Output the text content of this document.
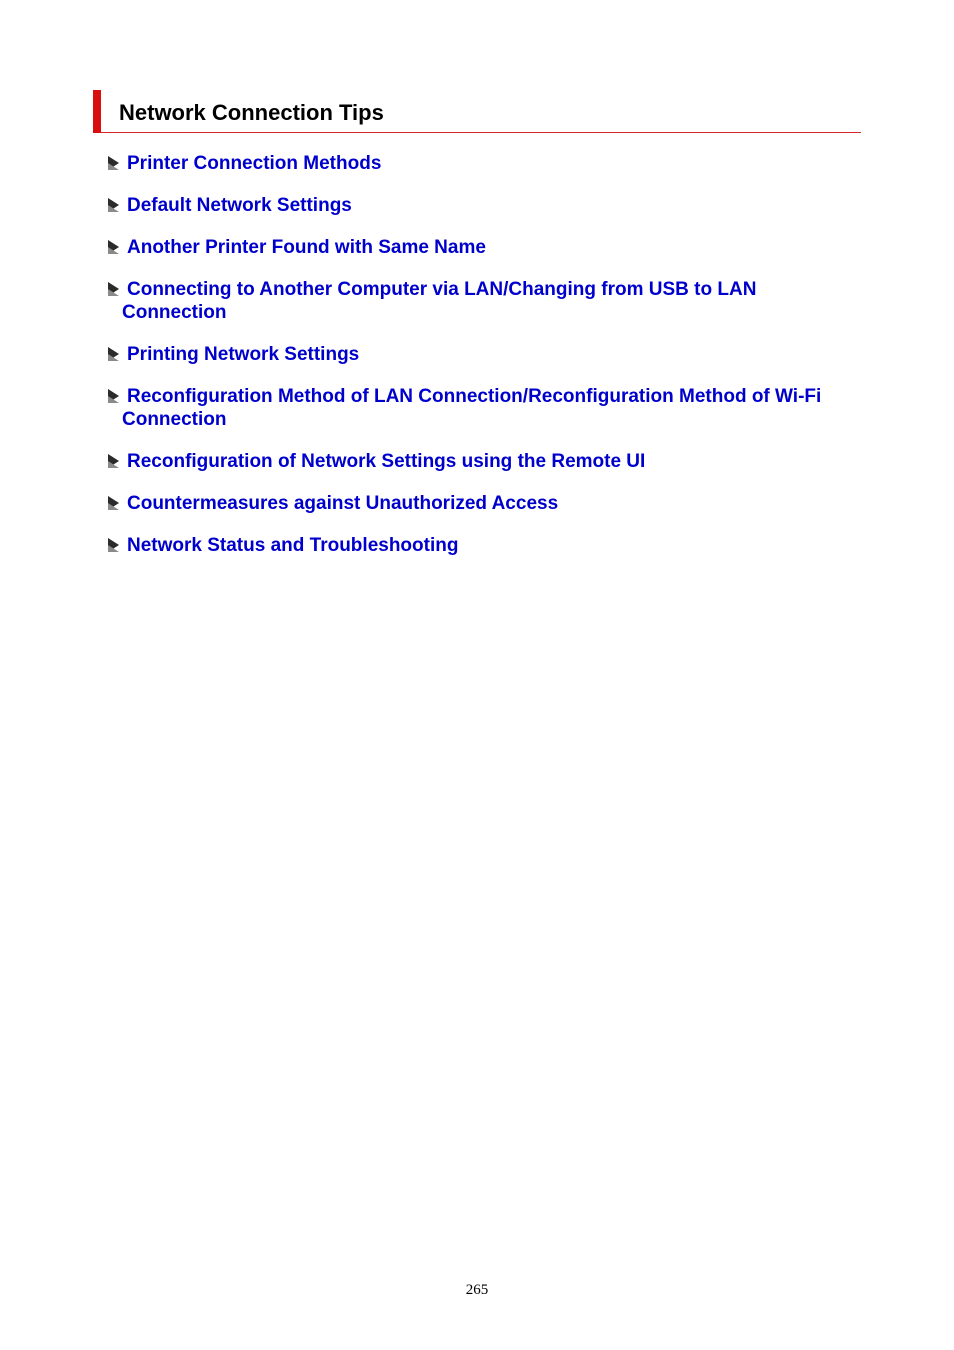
Network Connection Tips
Printer Connection Methods
Default Network Settings
Another Printer Found with Same Name
Connecting to Another Computer via LAN/Changing from USB to LAN
Connection
Printing Network Settings
Reconfiguration Method of LAN Connection/Reconfiguration Method of Wi-Fi
Connection
Reconfiguration of Network Settings using the Remote UI
Countermeasures against Unauthorized Access
Network Status and Troubleshooting
265
